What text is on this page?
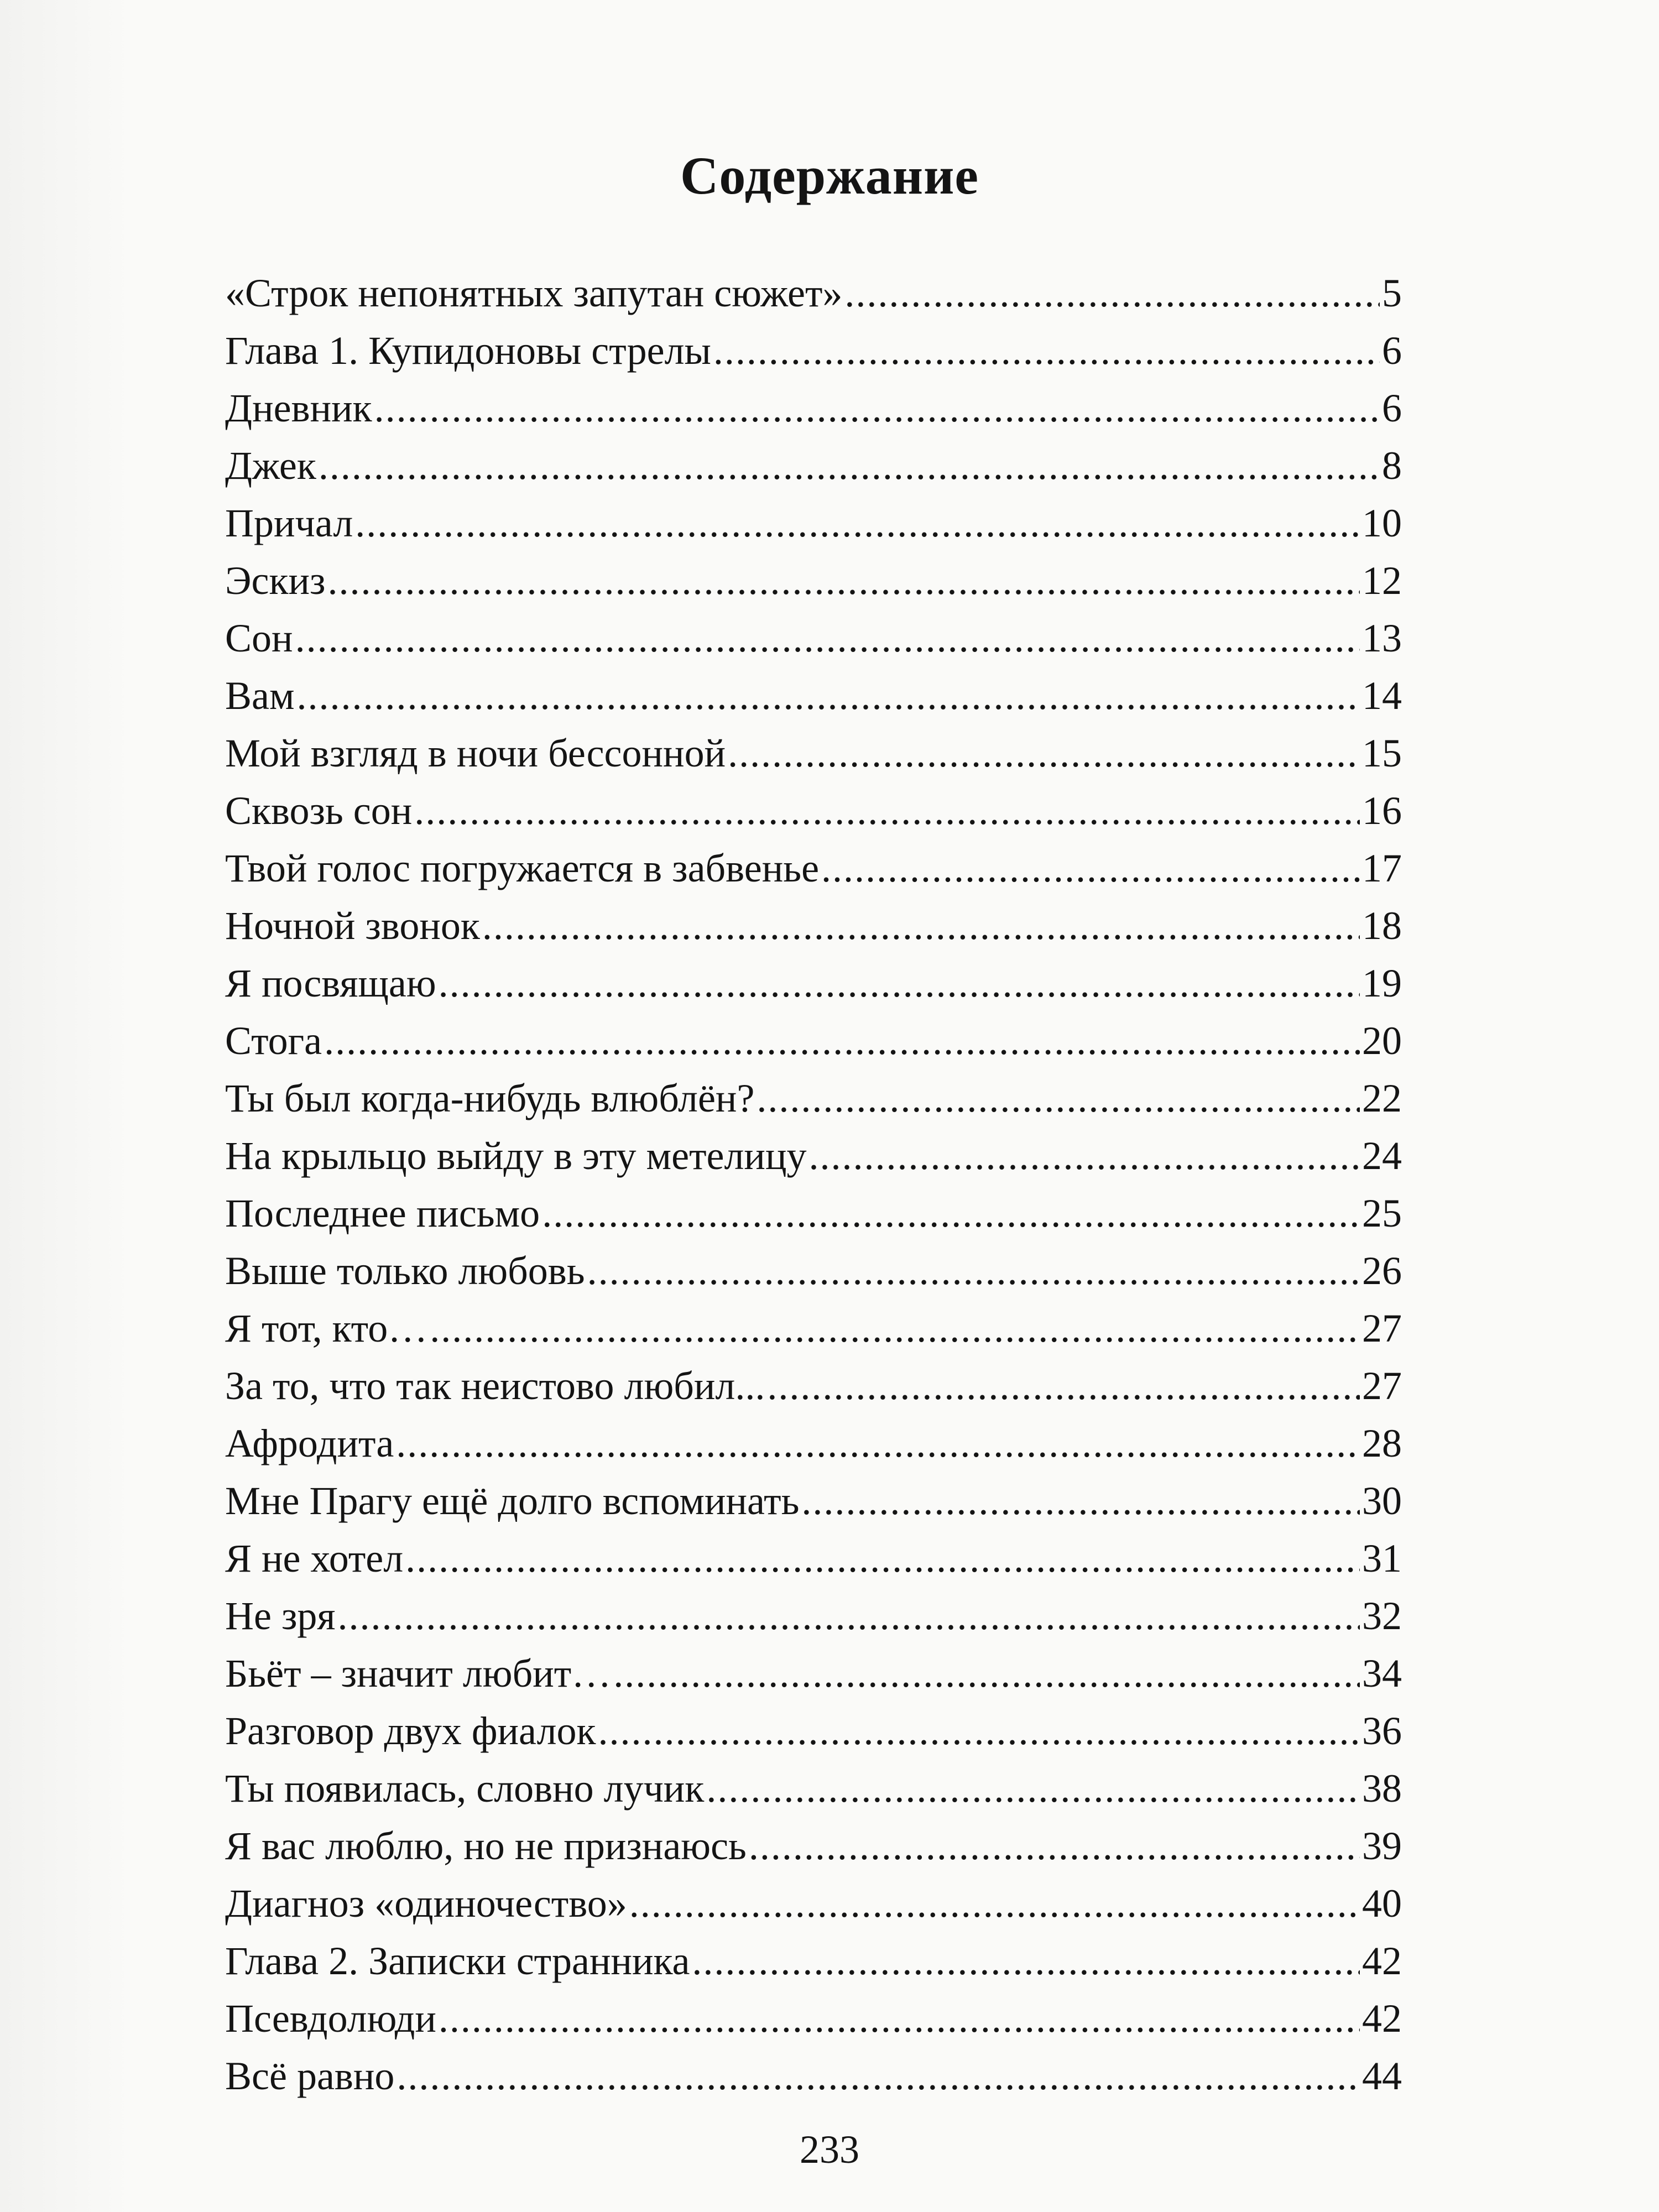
Содержание
«Строк непонятных запутан сюжет» .....	5
Глава 1. Купидоновы стрелы .....	6
Дневник .....	6
Джек .....	8
Причал .....	10
Эскиз .....	12
Сон .....	13
Вам .....	14
Мой взгляд в ночи бессонной .....	15
Сквозь сон .....	16
Твой голос погружается в забвенье .....	17
Ночной звонок .....	18
Я посвящаю .....	19
Стога .....	20
Ты был когда-нибудь влюблён? .....	22
На крыльцо выйду в эту метелицу .....	24
Последнее письмо .....	25
Выше только любовь .....	26
Я тот, кто… .....	27
За то, что так неистово любил... .....	27
Афродита .....	28
Мне Прагу ещё долго вспоминать .....	30
Я не хотел .....	31
Не зря .....	32
Бьёт – значит любит… .....	34
Разговор двух фиалок .....	36
Ты появилась, словно лучик .....	38
Я вас люблю, но не признаюсь .....	39
Диагноз «одиночество» .....	40
Глава 2. Записки странника .....	42
Псевдолюди .....	42
Всё равно .....	44
233
